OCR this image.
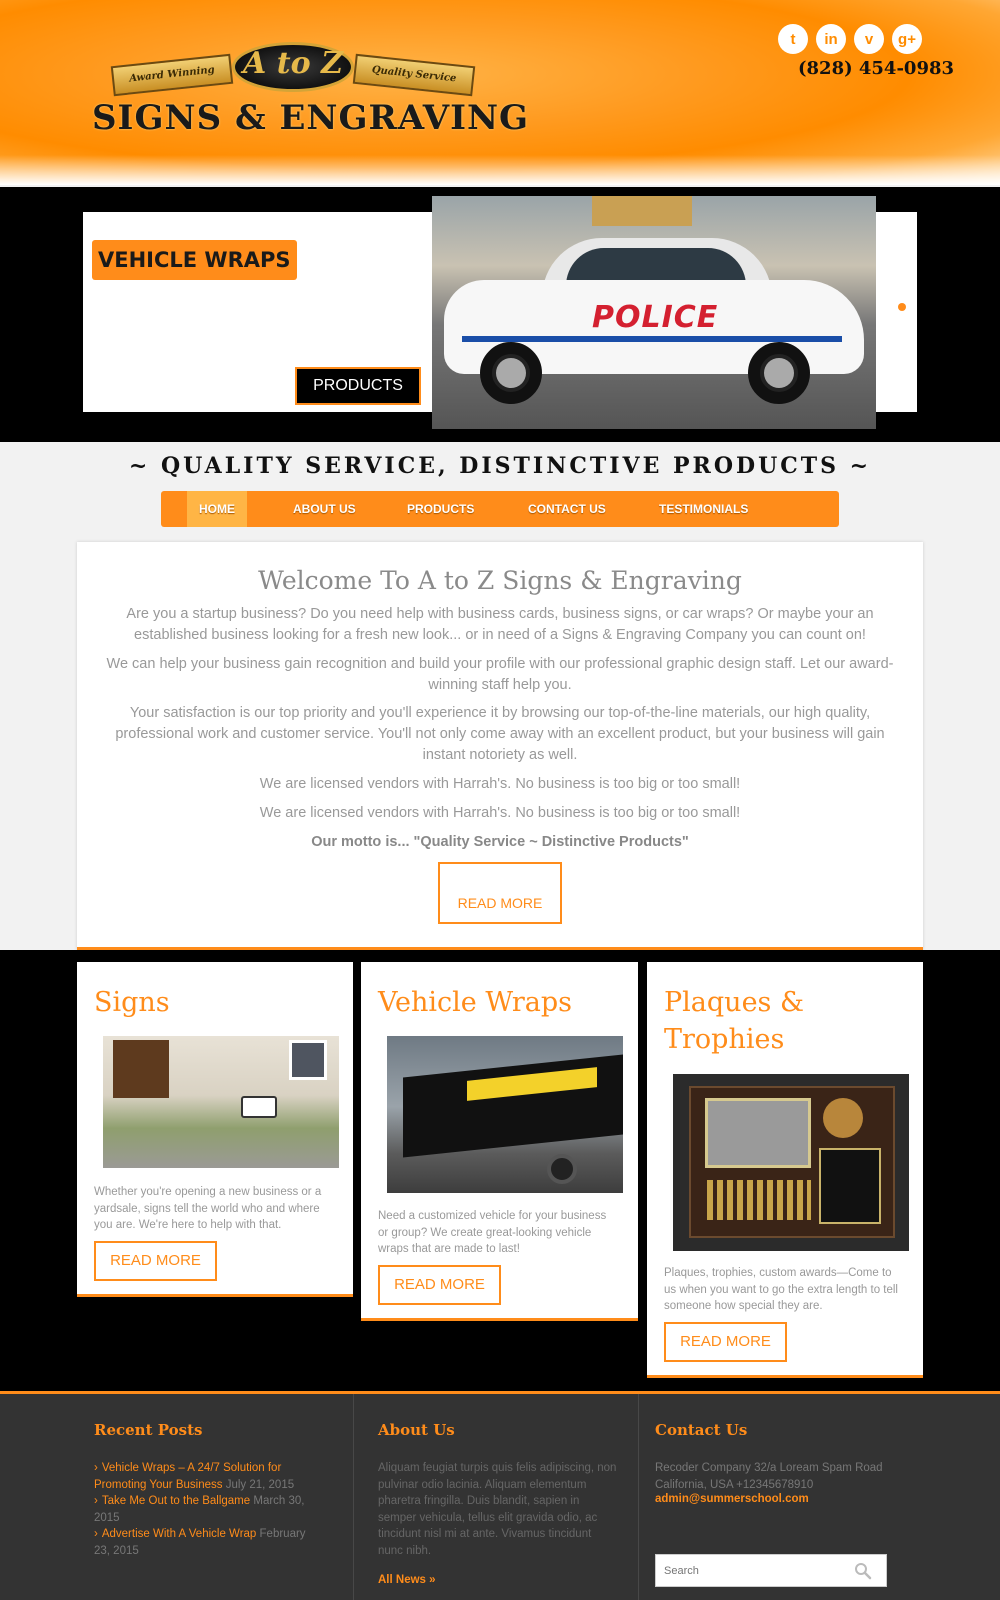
Award Winning	Quality Service
A to Z
SIGNS & ENGRAVING
t	in	v	g+
(828) 454-0983
VEHICLE WRAPS
PRODUCTS
POLICE
~ QUALITY SERVICE, DISTINCTIVE PRODUCTS ~
HOME	ABOUT US	PRODUCTS	CONTACT US	TESTIMONIALS
Welcome To A to Z Signs & Engraving

Are you a startup business? Do you need help with business cards, business signs, or car wraps? Or maybe your an established business looking for a fresh new look... or in need of a Signs & Engraving Company you can count on!

We can help your business gain recognition and build your profile with our professional graphic design staff. Let our award-winning staff help you.

Your satisfaction is our top priority and you'll experience it by browsing our top-of-the-line materials, our high quality, professional work and customer service. You'll not only come away with an excellent product, but your business will gain instant notoriety as well.

We are licensed vendors with Harrah's. No business is too big or too small!

We are licensed vendors with Harrah's. No business is too big or too small!

Our motto is... "Quality Service ~ Distinctive Products"

READ MORE
Signs

Whether you're opening a new business or a yardsale, signs tell the world who and where you are. We're here to help with that.

READ MORE
Vehicle Wraps

Need a customized vehicle for your business or group? We create great-looking vehicle wraps that are made to last!

READ MORE
Plaques & Trophies

Plaques, trophies, custom awards—Come to us when you want to go the extra length to tell someone how special they are.

READ MORE
Recent Posts
› Vehicle Wraps – A 24/7 Solution for Promoting Your Business July 21, 2015
› Take Me Out to the Ballgame March 30, 2015
› Advertise With A Vehicle Wrap February 23, 2015
About Us

Aliquam feugiat turpis quis felis adipiscing, non pulvinar odio lacinia. Aliquam elementum pharetra fringilla. Duis blandit, sapien in semper vehicula, tellus elit gravida odio, ac tincidunt nisl mi at ante. Vivamus tincidunt nunc nibh.

All News »
Contact Us

Recoder Company 32/a Loream Spam Road California, USA +12345678910

admin@summerschool.com
Search
